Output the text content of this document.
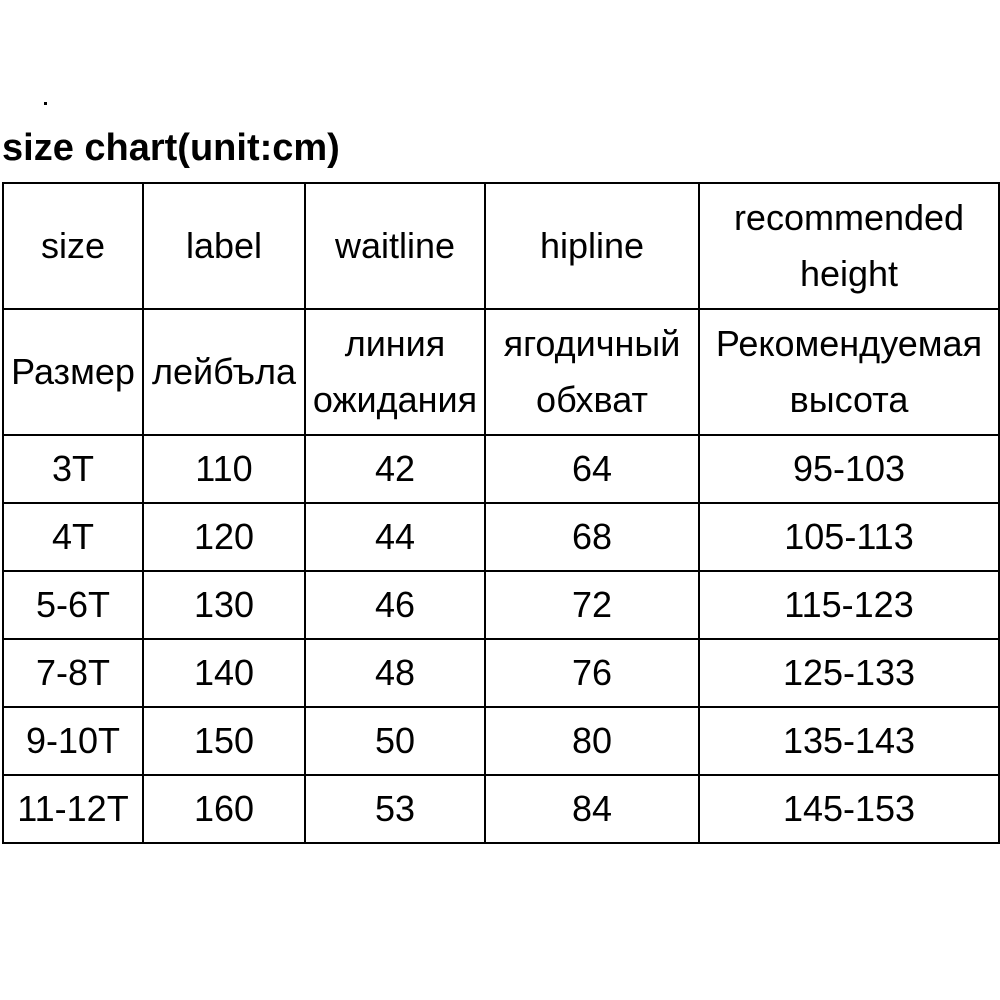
size chart(unit:cm)
size	label	waitline	hipline	recommended height

Размер	лейбъла	линия ожидания	ягодичный обхват	Рекомендуемая высота

3T	110	42	64	95-103
4T	120	44	68	105-113
5-6T	130	46	72	115-123
7-8T	140	48	76	125-133
9-10T	150	50	80	135-143
11-12T	160	53	84	145-153
